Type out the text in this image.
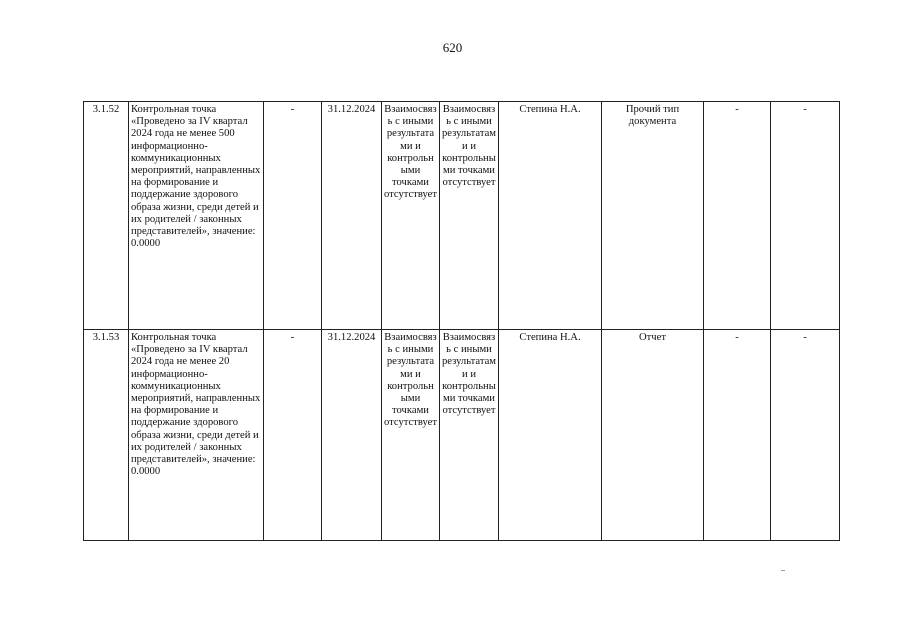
620
3.1.52	Контрольная точка «Проведено за IV квартал 2024 года не менее 500 информационно-коммуникационных мероприятий, направленных на формирование и поддержание здорового образа жизни, среди детей и их родителей / законных представителей», значение: 0.0000	-	31.12.2024	Взаимосвязь с иными результатами и контрольными точками отсутствует	Взаимосвязь с иными результатами и контрольными точками отсутствует	Степина Н.А.	Прочий тип документа	-	-
3.1.53	Контрольная точка «Проведено за IV квартал 2024 года не менее 20 информационно-коммуникационных мероприятий, направленных на формирование и поддержание здорового образа жизни, среди детей и их родителей / законных представителей», значение: 0.0000	-	31.12.2024	Взаимосвязь с иными результатами и контрольными точками отсутствует	Взаимосвязь с иными результатами и контрольными точками отсутствует	Степина Н.А.	Отчет	-	-
